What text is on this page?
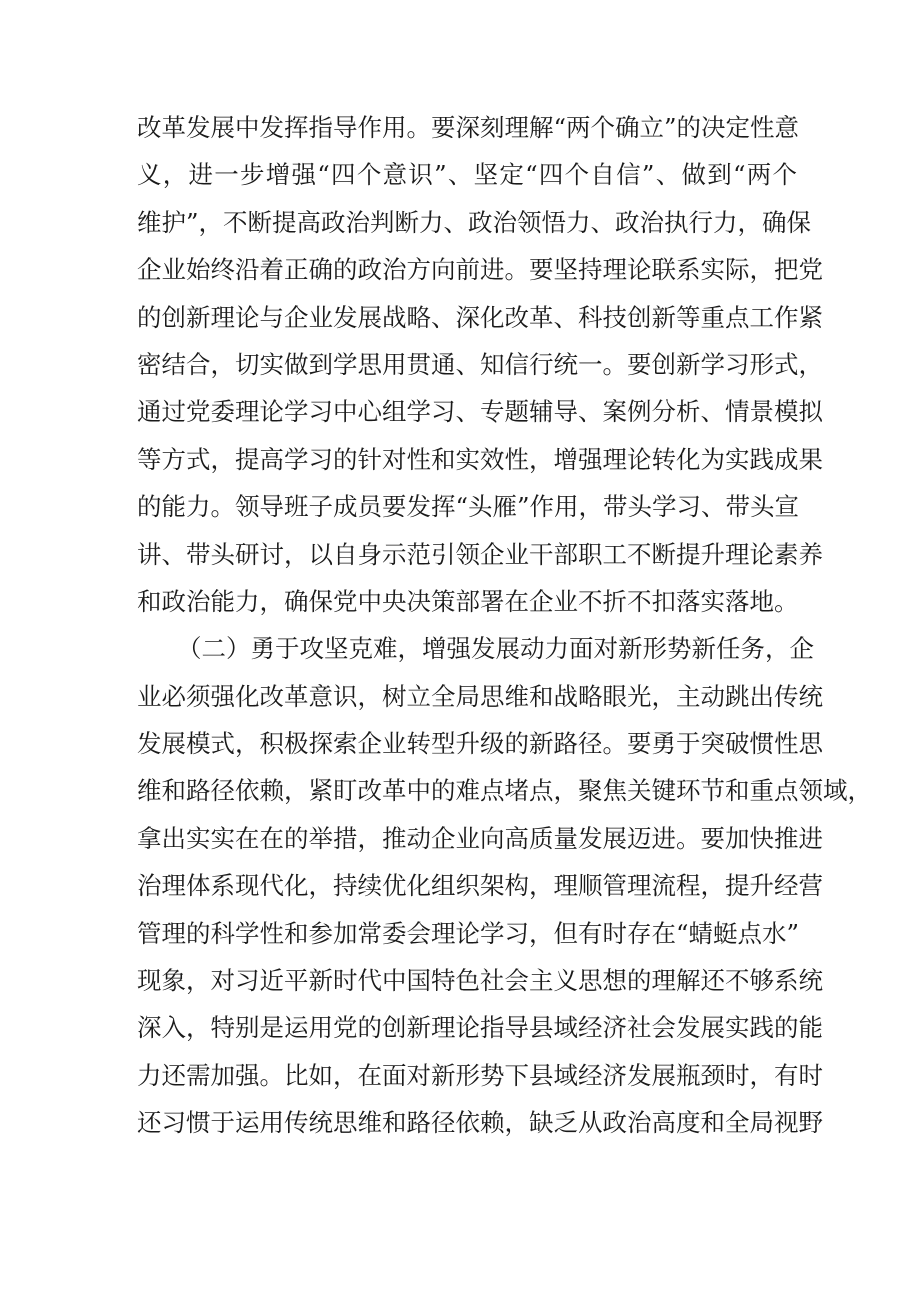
改革发展中发挥指导作用。要深刻理解“两个确立”的决定性意
义，进一步增强“四个意识”、坚定“四个自信”、做到“两个
维护”，不断提高政治判断力、政治领悟力、政治执行力，确保
企业始终沿着正确的政治方向前进。要坚持理论联系实际，把党
的创新理论与企业发展战略、深化改革、科技创新等重点工作紧
密结合，切实做到学思用贯通、知信行统一。要创新学习形式，
通过党委理论学习中心组学习、专题辅导、案例分析、情景模拟
等方式，提高学习的针对性和实效性，增强理论转化为实践成果
的能力。领导班子成员要发挥“头雁”作用，带头学习、带头宣
讲、带头研讨，以自身示范引领企业干部职工不断提升理论素养
和政治能力，确保党中央决策部署在企业不折不扣落实落地。
（二）勇于攻坚克难，增强发展动力面对新形势新任务，企
业必须强化改革意识，树立全局思维和战略眼光，主动跳出传统
发展模式，积极探索企业转型升级的新路径。要勇于突破惯性思
维和路径依赖，紧盯改革中的难点堵点，聚焦关键环节和重点领域，
拿出实实在在的举措，推动企业向高质量发展迈进。要加快推进
治理体系现代化，持续优化组织架构，理顺管理流程，提升经营
管理的科学性和参加常委会理论学习，但有时存在“蜻蜓点水”
现象，对习近平新时代中国特色社会主义思想的理解还不够系统
深入，特别是运用党的创新理论指导县域经济社会发展实践的能
力还需加强。比如，在面对新形势下县域经济发展瓶颈时，有时
还习惯于运用传统思维和路径依赖，缺乏从政治高度和全局视野
